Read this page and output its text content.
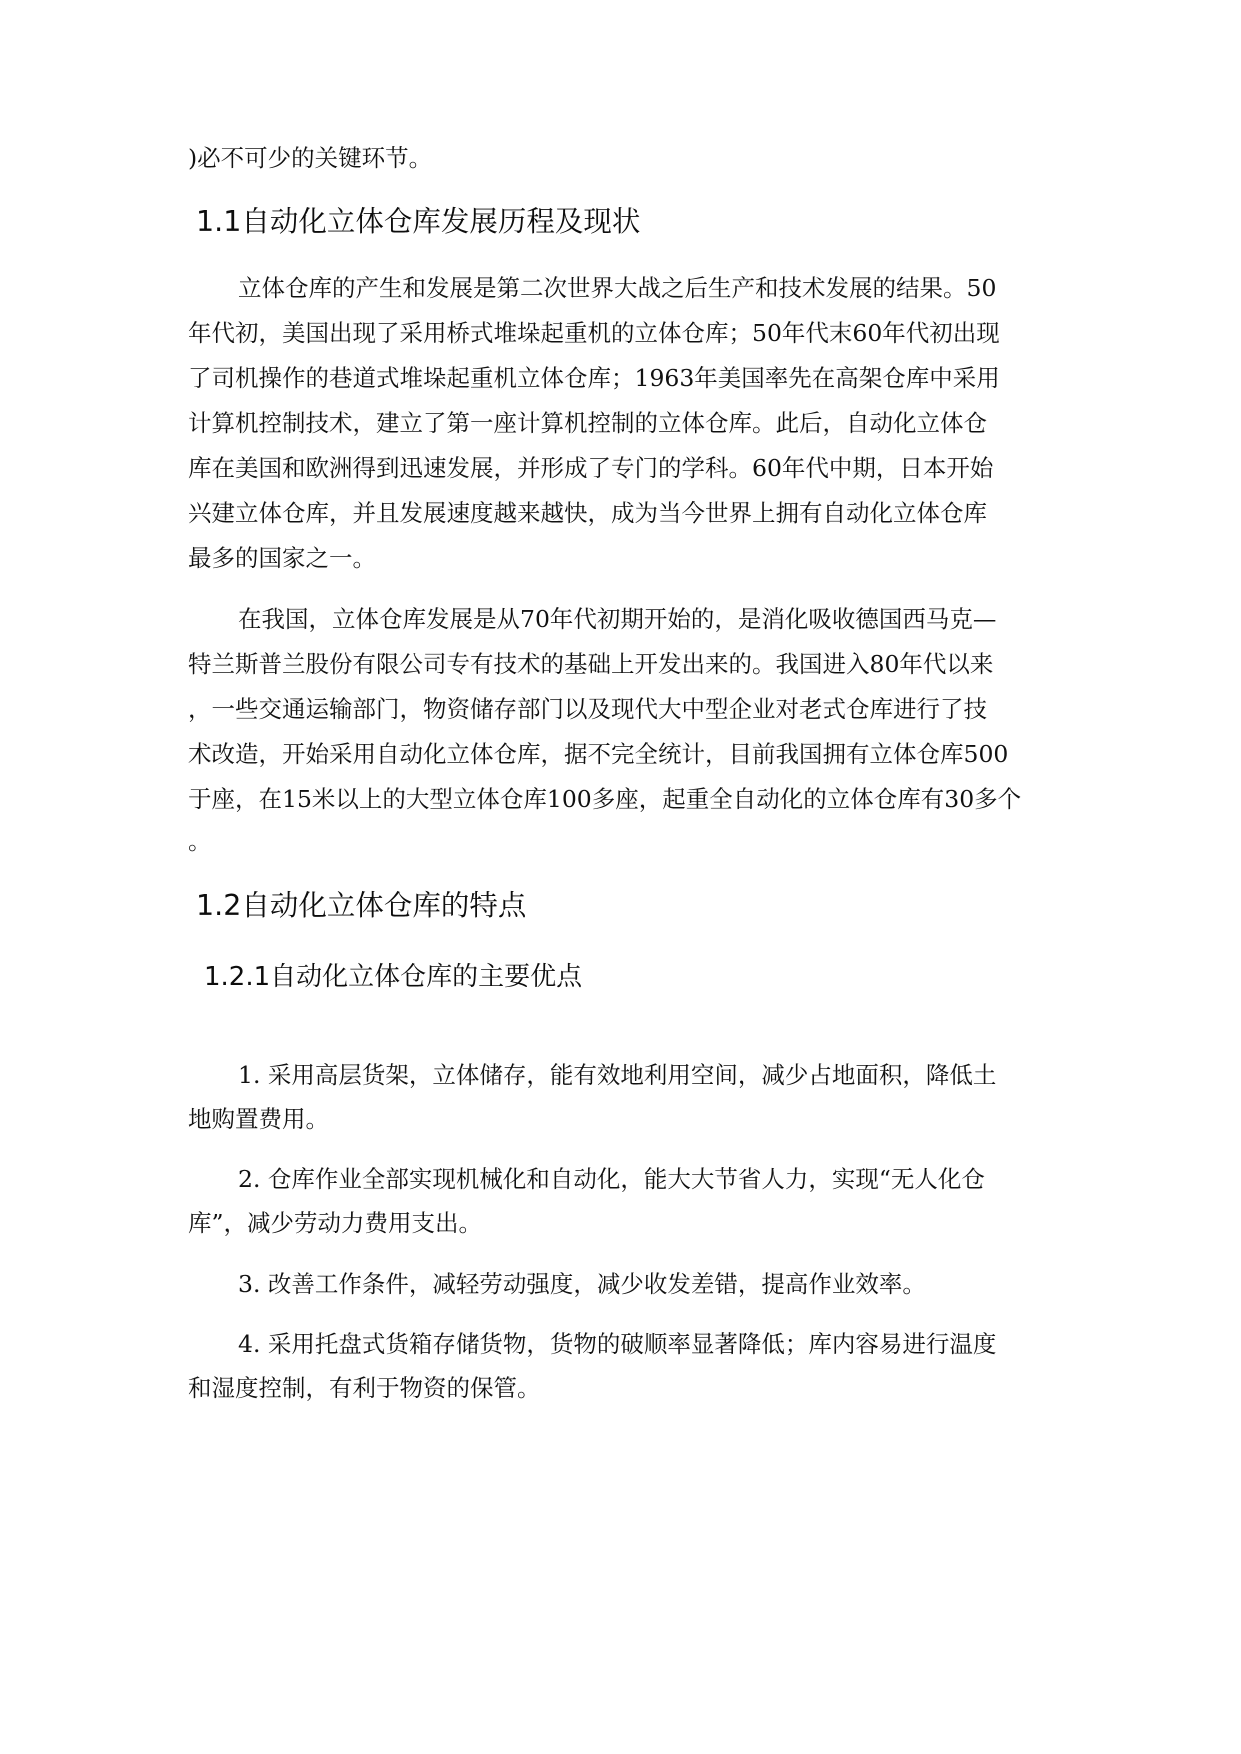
)必不可少的关键环节。

1.1自动化立体仓库发展历程及现状

立体仓库的产生和发展是第二次世界大战之后生产和技术发展的结果。50

年代初，美国出现了采用桥式堆垛起重机的立体仓库；50年代末60年代初出现

了司机操作的巷道式堆垛起重机立体仓库；1963年美国率先在高架仓库中采用

计算机控制技术，建立了第一座计算机控制的立体仓库。此后，自动化立体仓

库在美国和欧洲得到迅速发展，并形成了专门的学科。60年代中期，日本开始

兴建立体仓库，并且发展速度越来越快，成为当今世界上拥有自动化立体仓库

最多的国家之一。

在我国，立体仓库发展是从70年代初期开始的，是消化吸收德国西马克—

特兰斯普兰股份有限公司专有技术的基础上开发出来的。我国进入80年代以来

，一些交通运输部门，物资储存部门以及现代大中型企业对老式仓库进行了技

术改造，开始采用自动化立体仓库，据不完全统计，目前我国拥有立体仓库500

于座，在15米以上的大型立体仓库100多座，起重全自动化的立体仓库有30多个

。

1.2自动化立体仓库的特点
1.2.1自动化立体仓库的主要优点

1. 采用高层货架，立体储存，能有效地利用空间，减少占地面积，降低土

地购置费用。

2. 仓库作业全部实现机械化和自动化，能大大节省人力，实现“无人化仓

库”，减少劳动力费用支出。

3. 改善工作条件，减轻劳动强度，减少收发差错，提高作业效率。

4. 采用托盘式货箱存储货物，货物的破顺率显著降低；库内容易进行温度

和湿度控制，有利于物资的保管。
